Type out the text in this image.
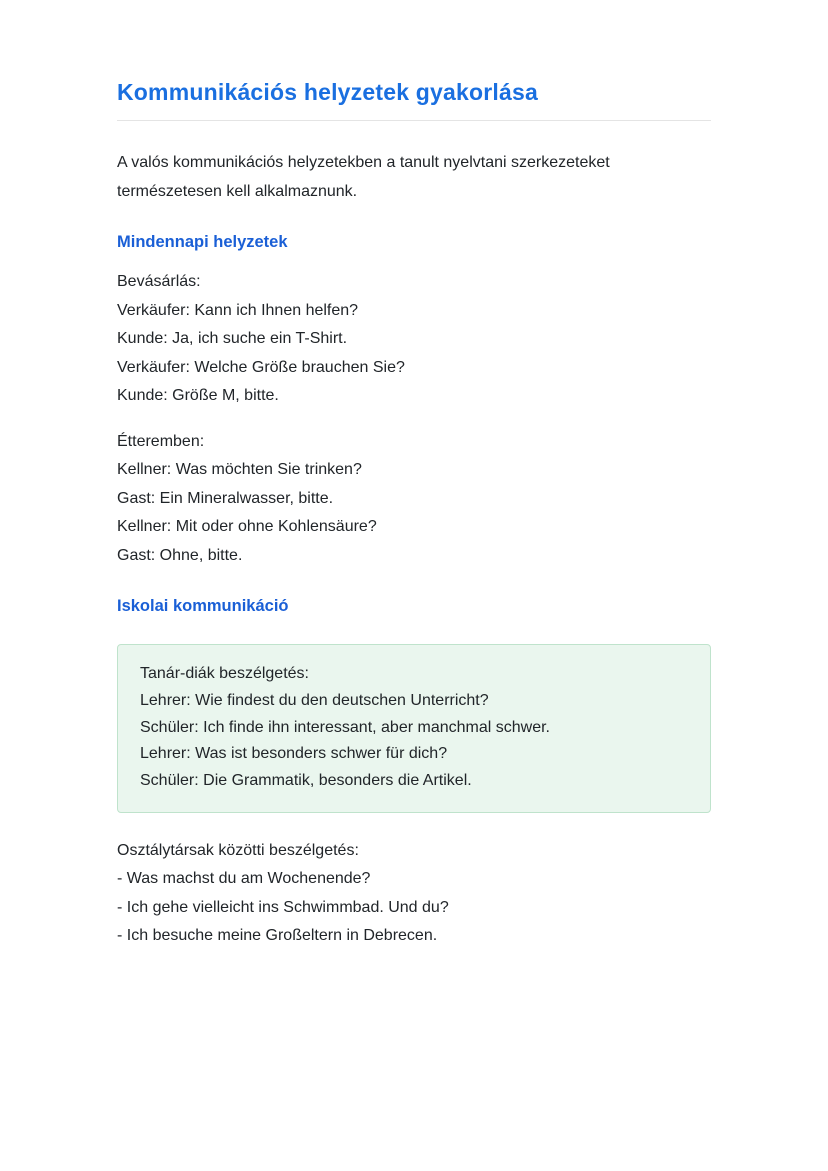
Kommunikációs helyzetek gyakorlása

A valós kommunikációs helyzetekben a tanult nyelvtani szerkezeteket természetesen kell alkalmaznunk.

Mindennapi helyzetek

Bevásárlás:

Verkäufer: Kann ich Ihnen helfen?

Kunde: Ja, ich suche ein T-Shirt.

Verkäufer: Welche Größe brauchen Sie?

Kunde: Größe M, bitte.

Étteremben:

Kellner: Was möchten Sie trinken?

Gast: Ein Mineralwasser, bitte.

Kellner: Mit oder ohne Kohlensäure?

Gast: Ohne, bitte.

Iskolai kommunikáció

Tanár-diák beszélgetés:

Lehrer: Wie findest du den deutschen Unterricht?

Schüler: Ich finde ihn interessant, aber manchmal schwer.

Lehrer: Was ist besonders schwer für dich?

Schüler: Die Grammatik, besonders die Artikel.

Osztálytársak közötti beszélgetés:

- Was machst du am Wochenende?

- Ich gehe vielleicht ins Schwimmbad. Und du?

- Ich besuche meine Großeltern in Debrecen.
